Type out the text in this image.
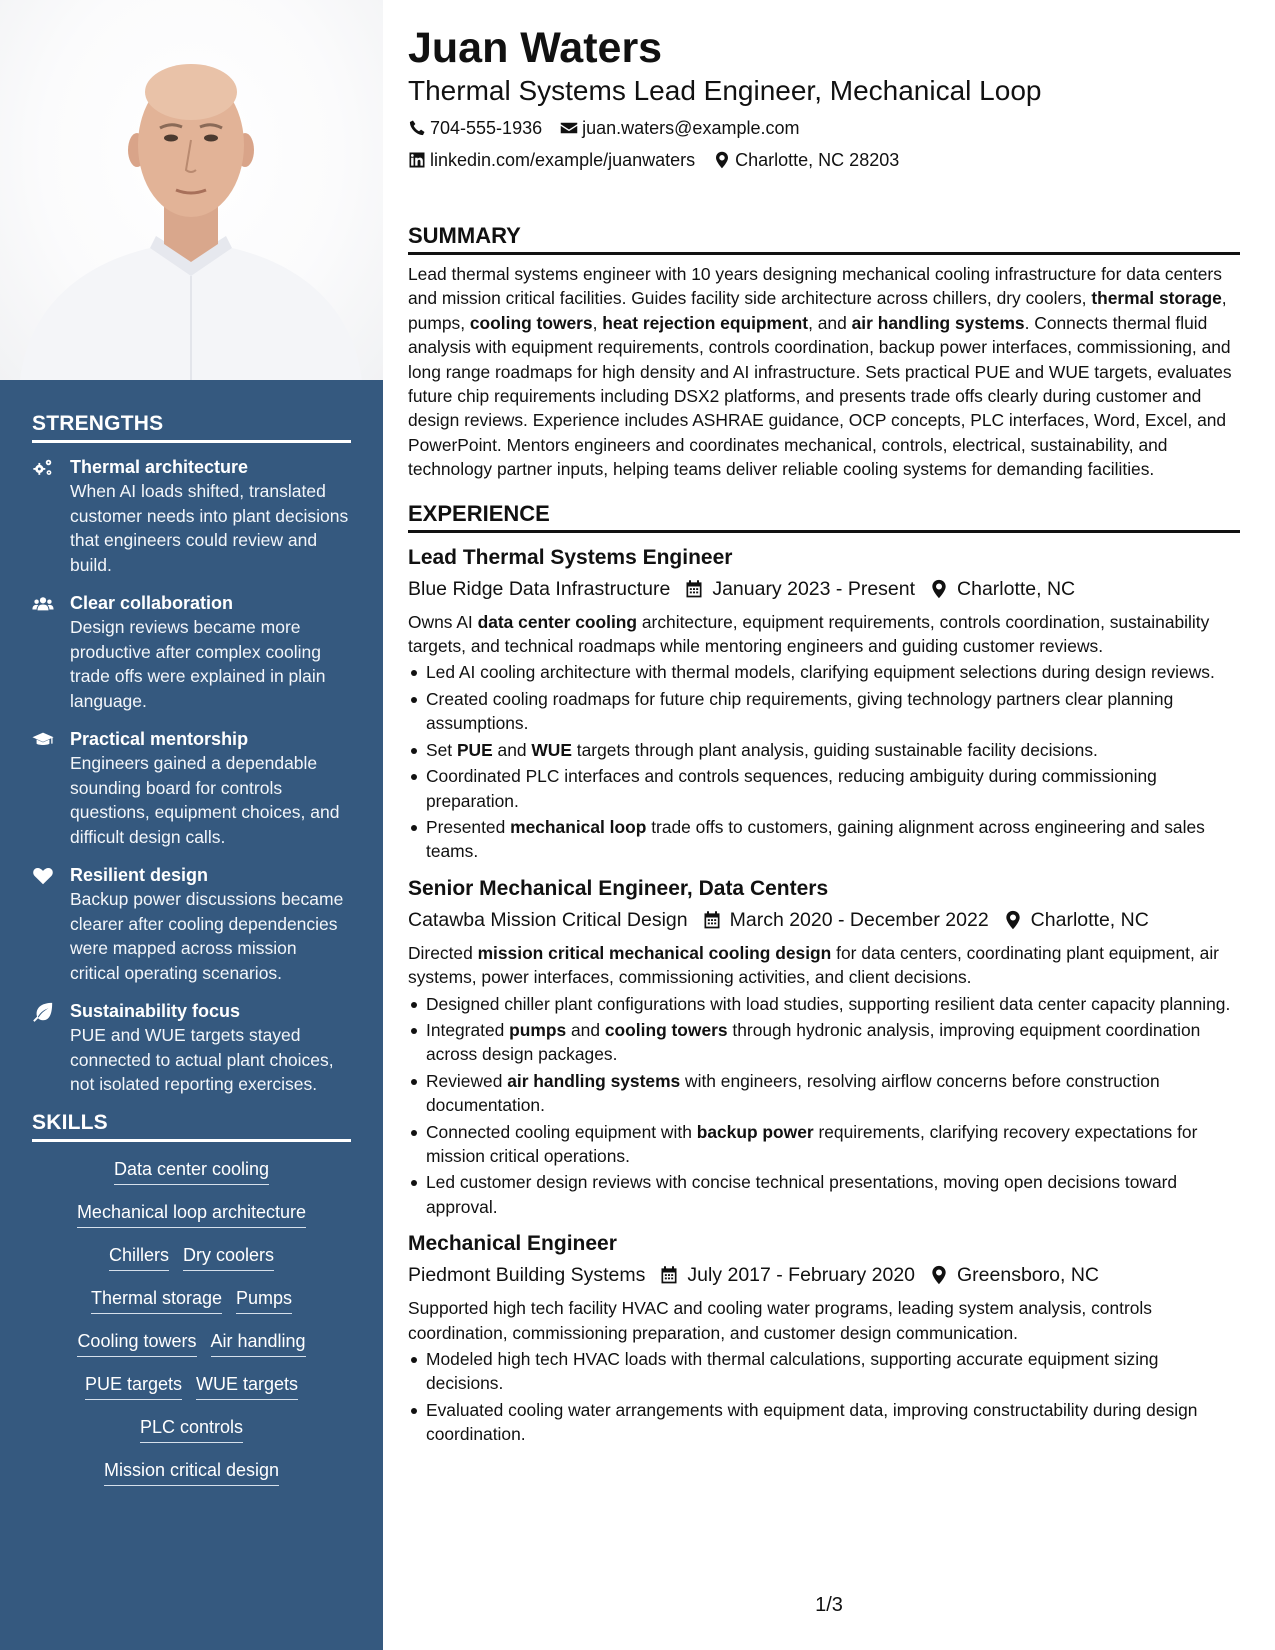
STRENGTHS
Thermal architecture
When AI loads shifted, translated customer needs into plant decisions that engineers could review and build.
Clear collaboration
Design reviews became more productive after complex cooling trade offs were explained in plain language.
Practical mentorship
Engineers gained a dependable sounding board for controls questions, equipment choices, and difficult design calls.
Resilient design
Backup power discussions became clearer after cooling dependencies were mapped across mission critical operating scenarios.
Sustainability focus
PUE and WUE targets stayed connected to actual plant choices, not isolated reporting exercises.
SKILLS
Data center cooling
Mechanical loop architecture
Chillers Dry coolers
Thermal storage Pumps
Cooling towers Air handling
PUE targets WUE targets
PLC controls
Mission critical design
Juan Waters
Thermal Systems Lead Engineer, Mechanical Loop
704-555-1936 juan.waters@example.com
linkedin.com/example/juanwaters Charlotte, NC 28203
SUMMARY
Lead thermal systems engineer with 10 years designing mechanical cooling infrastructure for data centers and mission critical facilities. Guides facility side architecture across chillers, dry coolers, thermal storage, pumps, cooling towers, heat rejection equipment, and air handling systems. Connects thermal fluid analysis with equipment requirements, controls coordination, backup power interfaces, commissioning, and long range roadmaps for high density and AI infrastructure. Sets practical PUE and WUE targets, evaluates future chip requirements including DSX2 platforms, and presents trade offs clearly during customer and design reviews. Experience includes ASHRAE guidance, OCP concepts, PLC interfaces, Word, Excel, and PowerPoint. Mentors engineers and coordinates mechanical, controls, electrical, sustainability, and technology partner inputs, helping teams deliver reliable cooling systems for demanding facilities.
EXPERIENCE
Lead Thermal Systems Engineer
Blue Ridge Data Infrastructure January 2023 - Present Charlotte, NC
Owns AI data center cooling architecture, equipment requirements, controls coordination, sustainability targets, and technical roadmaps while mentoring engineers and guiding customer reviews.
Led AI cooling architecture with thermal models, clarifying equipment selections during design reviews.
Created cooling roadmaps for future chip requirements, giving technology partners clear planning assumptions.
Set PUE and WUE targets through plant analysis, guiding sustainable facility decisions.
Coordinated PLC interfaces and controls sequences, reducing ambiguity during commissioning preparation.
Presented mechanical loop trade offs to customers, gaining alignment across engineering and sales teams.
Senior Mechanical Engineer, Data Centers
Catawba Mission Critical Design March 2020 - December 2022 Charlotte, NC
Directed mission critical mechanical cooling design for data centers, coordinating plant equipment, air systems, power interfaces, commissioning activities, and client decisions.
Designed chiller plant configurations with load studies, supporting resilient data center capacity planning.
Integrated pumps and cooling towers through hydronic analysis, improving equipment coordination across design packages.
Reviewed air handling systems with engineers, resolving airflow concerns before construction documentation.
Connected cooling equipment with backup power requirements, clarifying recovery expectations for mission critical operations.
Led customer design reviews with concise technical presentations, moving open decisions toward approval.
Mechanical Engineer
Piedmont Building Systems July 2017 - February 2020 Greensboro, NC
Supported high tech facility HVAC and cooling water programs, leading system analysis, controls coordination, commissioning preparation, and customer design communication.
Modeled high tech HVAC loads with thermal calculations, supporting accurate equipment sizing decisions.
Evaluated cooling water arrangements with equipment data, improving constructability during design coordination.
1/3
